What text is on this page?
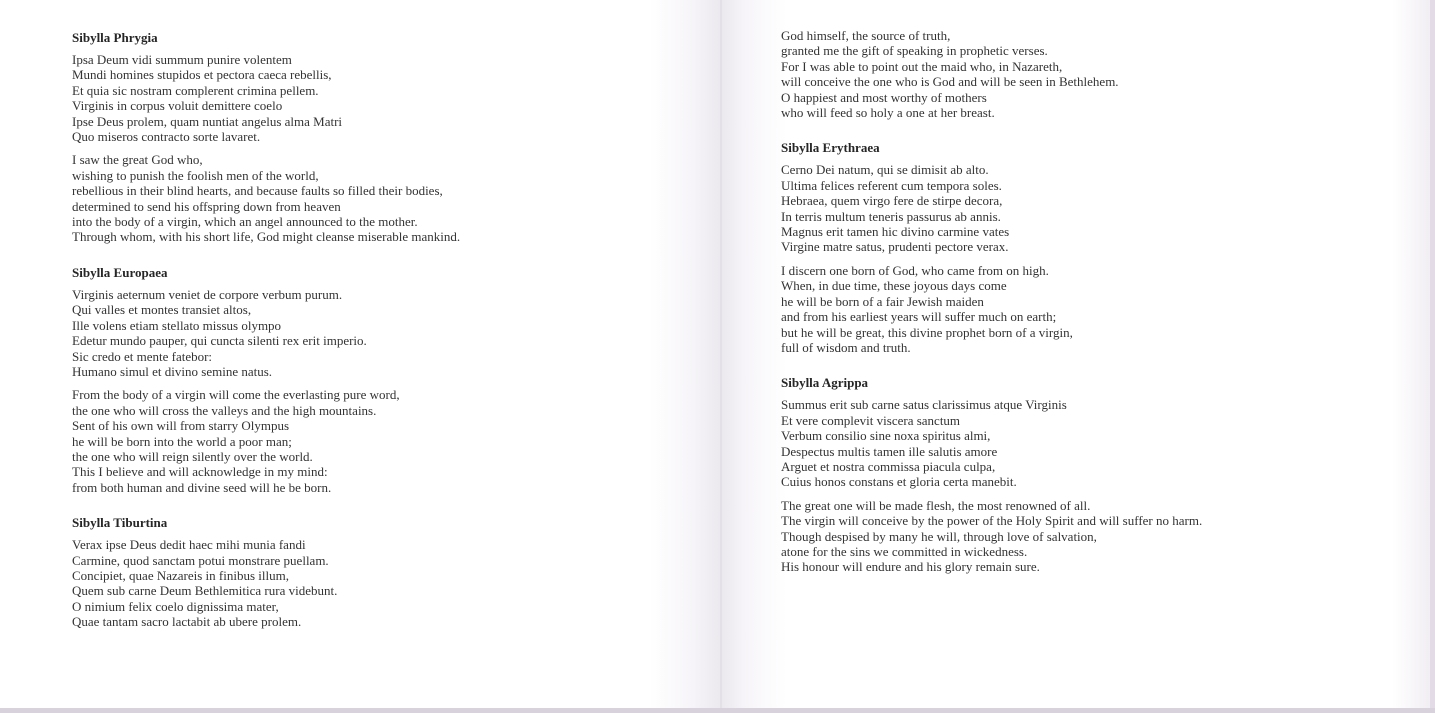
Sibylla Phrygia
Ipsa Deum vidi summum punire volentem
Mundi homines stupidos et pectora caeca rebellis,
Et quia sic nostram complerent crimina pellem.
Virginis in corpus voluit demittere coelo
Ipse Deus prolem, quam nuntiat angelus alma Matri
Quo miseros contracto sorte lavaret.
I saw the great God who,
wishing to punish the foolish men of the world,
rebellious in their blind hearts, and because faults so filled their bodies,
determined to send his offspring down from heaven
into the body of a virgin, which an angel announced to the mother.
Through whom, with his short life, God might cleanse miserable mankind.
Sibylla Europaea
Virginis aeternum veniet de corpore verbum purum.
Qui valles et montes transiet altos,
Ille volens etiam stellato missus olympo
Edetur mundo pauper, qui cuncta silenti rex erit imperio.
Sic credo et mente fatebor:
Humano simul et divino semine natus.
From the body of a virgin will come the everlasting pure word,
the one who will cross the valleys and the high mountains.
Sent of his own will from starry Olympus
he will be born into the world a poor man;
the one who will reign silently over the world.
This I believe and will acknowledge in my mind:
from both human and divine seed will he be born.
Sibylla Tiburtina
Verax ipse Deus dedit haec mihi munia fandi
Carmine, quod sanctam potui monstrare puellam.
Concipiet, quae Nazareis in finibus illum,
Quem sub carne Deum Bethlemitica rura videbunt.
O nimium felix coelo dignissima mater,
Quae tantam sacro lactabit ab ubere prolem.
God himself, the source of truth,
granted me the gift of speaking in prophetic verses.
For I was able to point out the maid who, in Nazareth,
will conceive the one who is God and will be seen in Bethlehem.
O happiest and most worthy of mothers
who will feed so holy a one at her breast.
Sibylla Erythraea
Cerno Dei natum, qui se dimisit ab alto.
Ultima felices referent cum tempora soles.
Hebraea, quem virgo fere de stirpe decora,
In terris multum teneris passurus ab annis.
Magnus erit tamen hic divino carmine vates
Virgine matre satus, prudenti pectore verax.
I discern one born of God, who came from on high.
When, in due time, these joyous days come
he will be born of a fair Jewish maiden
and from his earliest years will suffer much on earth;
but he will be great, this divine prophet born of a virgin,
full of wisdom and truth.
Sibylla Agrippa
Summus erit sub carne satus clarissimus atque Virginis
Et vere complevit viscera sanctum
Verbum consilio sine noxa spiritus almi,
Despectus multis tamen ille salutis amore
Arguet et nostra commissa piacula culpa,
Cuius honos constans et gloria certa manebit.
The great one will be made flesh, the most renowned of all.
The virgin will conceive by the power of the Holy Spirit and will suffer no harm.
Though despised by many he will, through love of salvation,
atone for the sins we committed in wickedness.
His honour will endure and his glory remain sure.
